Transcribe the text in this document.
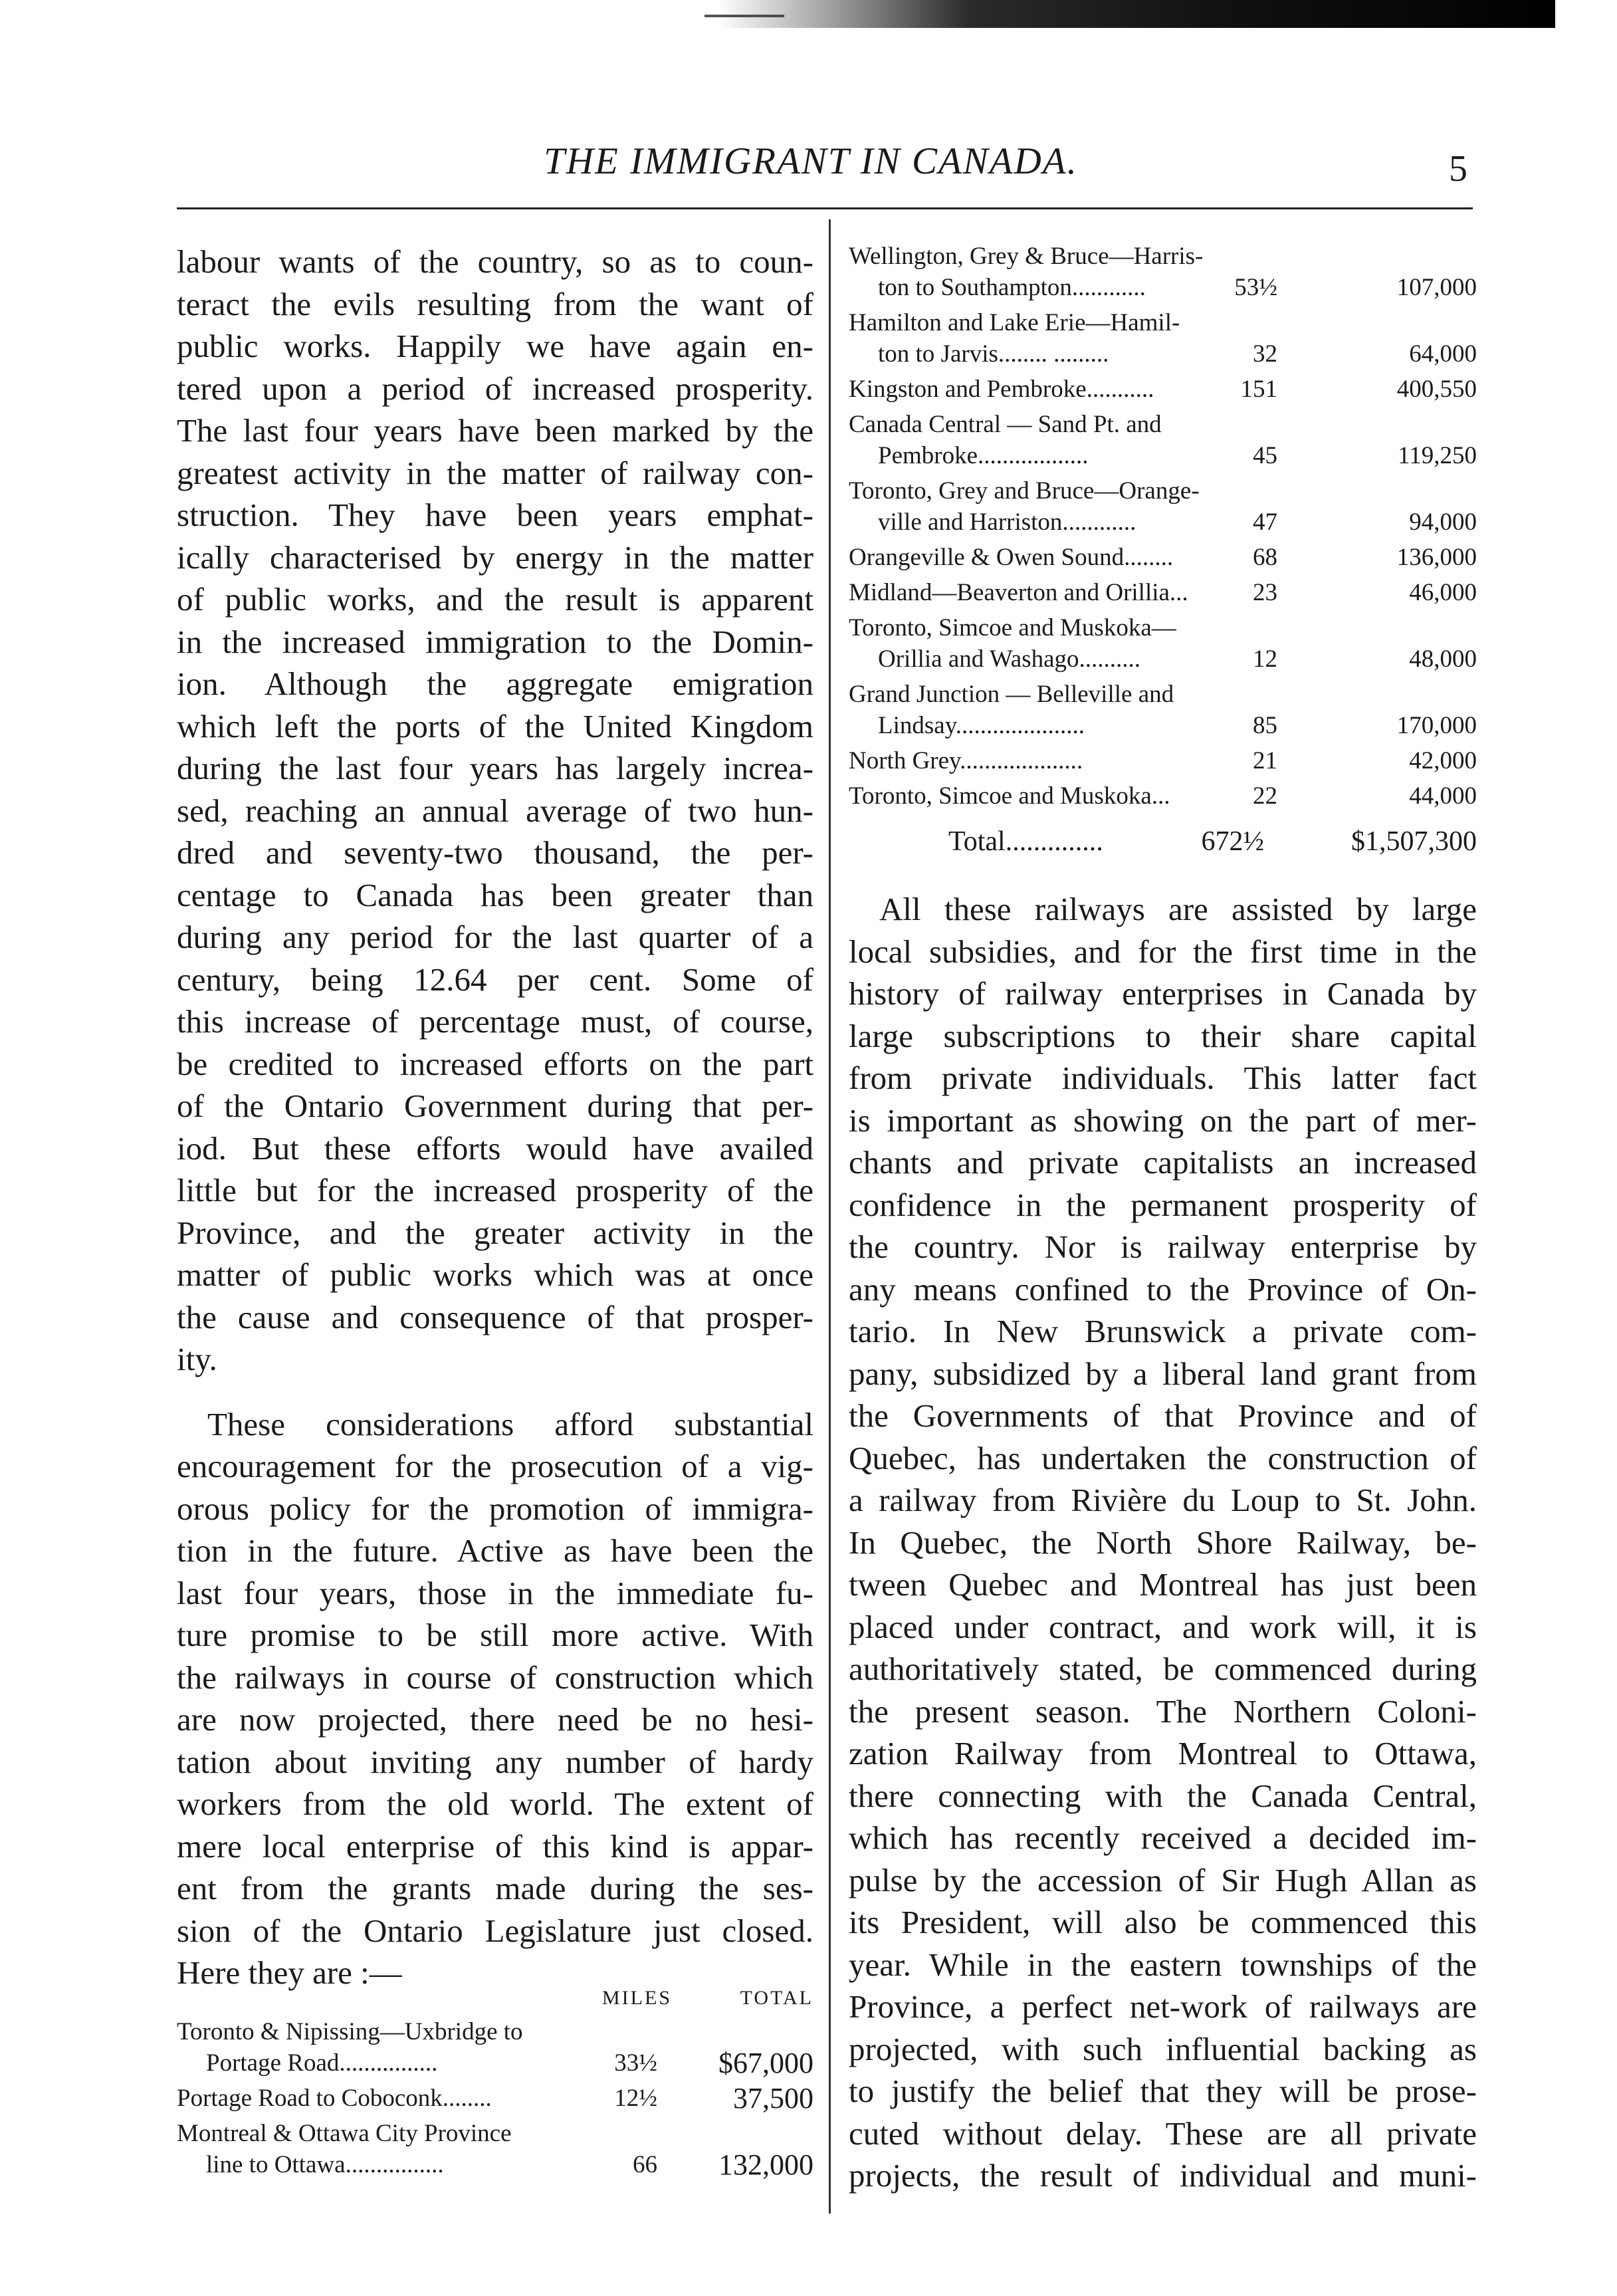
THE IMMIGRANT IN CANADA.	5
labour wants of the country, so as to coun-
teract the evils resulting from the want of
public works. Happily we have again en-
tered upon a period of increased prosperity.
The last four years have been marked by the
greatest activity in the matter of railway con-
struction. They have been years emphat-
ically characterised by energy in the matter
of public works, and the result is apparent
in the increased immigration to the Domin-
ion. Although the aggregate emigration
which left the ports of the United Kingdom
during the last four years has largely increa-
sed, reaching an annual average of two hun-
dred and seventy-two thousand, the per-
centage to Canada has been greater than
during any period for the last quarter of a
century, being 12.64 per cent. Some of
this increase of percentage must, of course,
be credited to increased efforts on the part
of the Ontario Government during that per-
iod. But these efforts would have availed
little but for the increased prosperity of the
Province, and the greater activity in the
matter of public works which was at once
the cause and consequence of that prosper-
ity.
These considerations afford substantial
encouragement for the prosecution of a vig-
orous policy for the promotion of immigra-
tion in the future. Active as have been the
last four years, those in the immediate fu-
ture promise to be still more active. With
the railways in course of construction which
are now projected, there need be no hesi-
tation about inviting any number of hardy
workers from the old world. The extent of
mere local enterprise of this kind is appar-
ent from the grants made during the ses-
sion of the Ontario Legislature just closed.
Here they are :—
Wellington, Grey & Bruce—Harris-
ton to Southampton............	53½	107,000
Hamilton and Lake Erie—Hamil-
ton to Jarvis........ .........	32	64,000
Kingston and Pembroke...........	151	400,550
Canada Central — Sand Pt. and
Pembroke..................	45	119,250
Toronto, Grey and Bruce—Orange-
ville and Harriston............	47	94,000
Orangeville & Owen Sound........	68	136,000
Midland—Beaverton and Orillia...	23	46,000
Toronto, Simcoe and Muskoka—
Orillia and Washago..........	12	48,000
Grand Junction — Belleville and
Lindsay.....................	85	170,000
North Grey....................	21	42,000
Toronto, Simcoe and Muskoka...	22	44,000
Total..............	672½	$1,507,300
All these railways are assisted by large
local subsidies, and for the first time in the
history of railway enterprises in Canada by
large subscriptions to their share capital
from private individuals. This latter fact
is important as showing on the part of mer-
chants and private capitalists an increased
confidence in the permanent prosperity of
the country. Nor is railway enterprise by
any means confined to the Province of On-
tario. In New Brunswick a private com-
pany, subsidized by a liberal land grant from
the Governments of that Province and of
Quebec, has undertaken the construction of
a railway from Rivière du Loup to St. John.
In Quebec, the North Shore Railway, be-
tween Quebec and Montreal has just been
placed under contract, and work will, it is
authoritatively stated, be commenced during
the present season. The Northern Coloni-
zation Railway from Montreal to Ottawa,
there connecting with the Canada Central,
which has recently received a decided im-
pulse by the accession of Sir Hugh Allan as
its President, will also be commenced this
year. While in the eastern townships of the
Province, a perfect net-work of railways are
projected, with such influential backing as
to justify the belief that they will be prose-
cuted without delay. These are all private
projects, the result of individual and muni-
MILES	TOTAL
Toronto & Nipissing—Uxbridge to
Portage Road................	33½ $67,000
Portage Road to Coboconk........	12½	37,500
Montreal & Ottawa City Province
line to Ottawa................	66 132,000
